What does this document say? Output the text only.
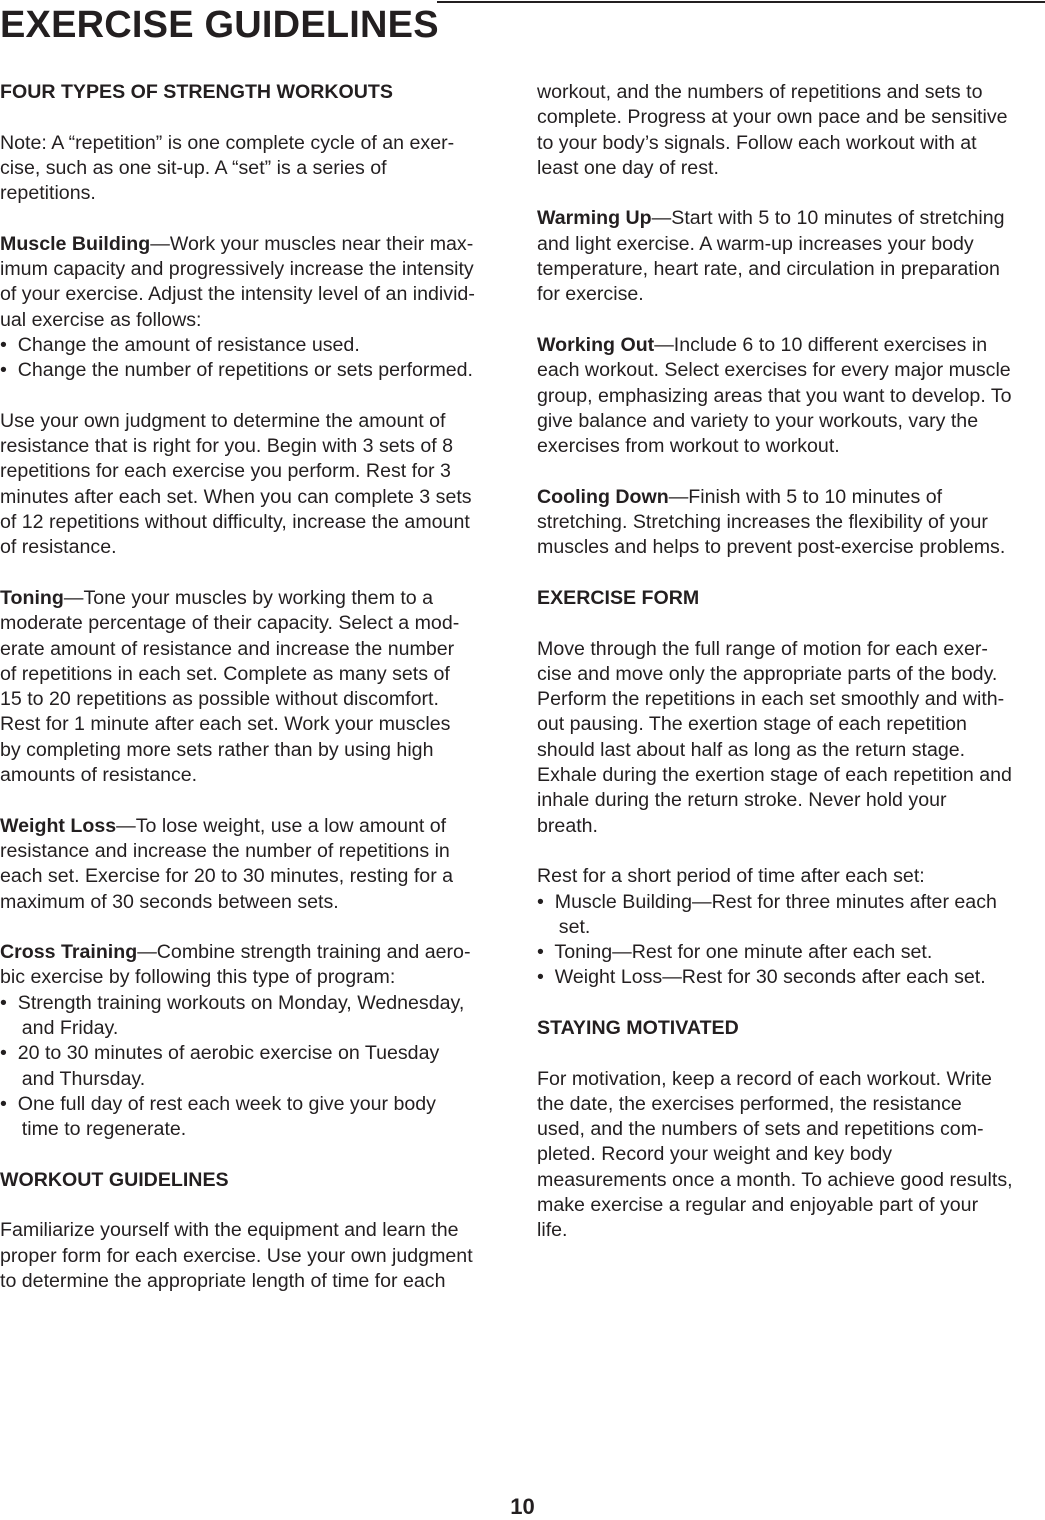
EXERCISE GUIDELINES
FOUR TYPES OF STRENGTH WORKOUTS
Note: A “repetition” is one complete cycle of an exer-
cise, such as one sit-up. A “set” is a series of
repetitions.
Muscle Building—Work your muscles near their max-
imum capacity and progressively increase the intensity
of your exercise. Adjust the intensity level of an individ-
ual exercise as follows:
•  Change the amount of resistance used.
•  Change the number of repetitions or sets performed.
Use your own judgment to determine the amount of
resistance that is right for you. Begin with 3 sets of 8
repetitions for each exercise you perform. Rest for 3
minutes after each set. When you can complete 3 sets
of 12 repetitions without difficulty, increase the amount
of resistance.
Toning—Tone your muscles by working them to a
moderate percentage of their capacity. Select a mod-
erate amount of resistance and increase the number
of repetitions in each set. Complete as many sets of
15 to 20 repetitions as possible without discomfort.
Rest for 1 minute after each set. Work your muscles
by completing more sets rather than by using high
amounts of resistance.
Weight Loss—To lose weight, use a low amount of
resistance and increase the number of repetitions in
each set. Exercise for 20 to 30 minutes, resting for a
maximum of 30 seconds between sets.
Cross Training—Combine strength training and aero-
bic exercise by following this type of program:
•  Strength training workouts on Monday, Wednesday,
and Friday.
•  20 to 30 minutes of aerobic exercise on Tuesday
and Thursday.
•  One full day of rest each week to give your body
time to regenerate.
WORKOUT GUIDELINES
Familiarize yourself with the equipment and learn the
proper form for each exercise. Use your own judgment
to determine the appropriate length of time for each
workout, and the numbers of repetitions and sets to
complete. Progress at your own pace and be sensitive
to your body’s signals. Follow each workout with at
least one day of rest.
Warming Up—Start with 5 to 10 minutes of stretching
and light exercise. A warm-up increases your body
temperature, heart rate, and circulation in preparation
for exercise.
Working Out—Include 6 to 10 different exercises in
each workout. Select exercises for every major muscle
group, emphasizing areas that you want to develop. To
give balance and variety to your workouts, vary the
exercises from workout to workout.
Cooling Down—Finish with 5 to 10 minutes of
stretching. Stretching increases the flexibility of your
muscles and helps to prevent post-exercise problems.
EXERCISE FORM
Move through the full range of motion for each exer-
cise and move only the appropriate parts of the body.
Perform the repetitions in each set smoothly and with-
out pausing. The exertion stage of each repetition
should last about half as long as the return stage.
Exhale during the exertion stage of each repetition and
inhale during the return stroke. Never hold your
breath.
Rest for a short period of time after each set:
•  Muscle Building—Rest for three minutes after each
set.
•  Toning—Rest for one minute after each set.
•  Weight Loss—Rest for 30 seconds after each set.
STAYING MOTIVATED
For motivation, keep a record of each workout. Write
the date, the exercises performed, the resistance
used, and the numbers of sets and repetitions com-
pleted. Record your weight and key body
measurements once a month. To achieve good results,
make exercise a regular and enjoyable part of your
life.
10
